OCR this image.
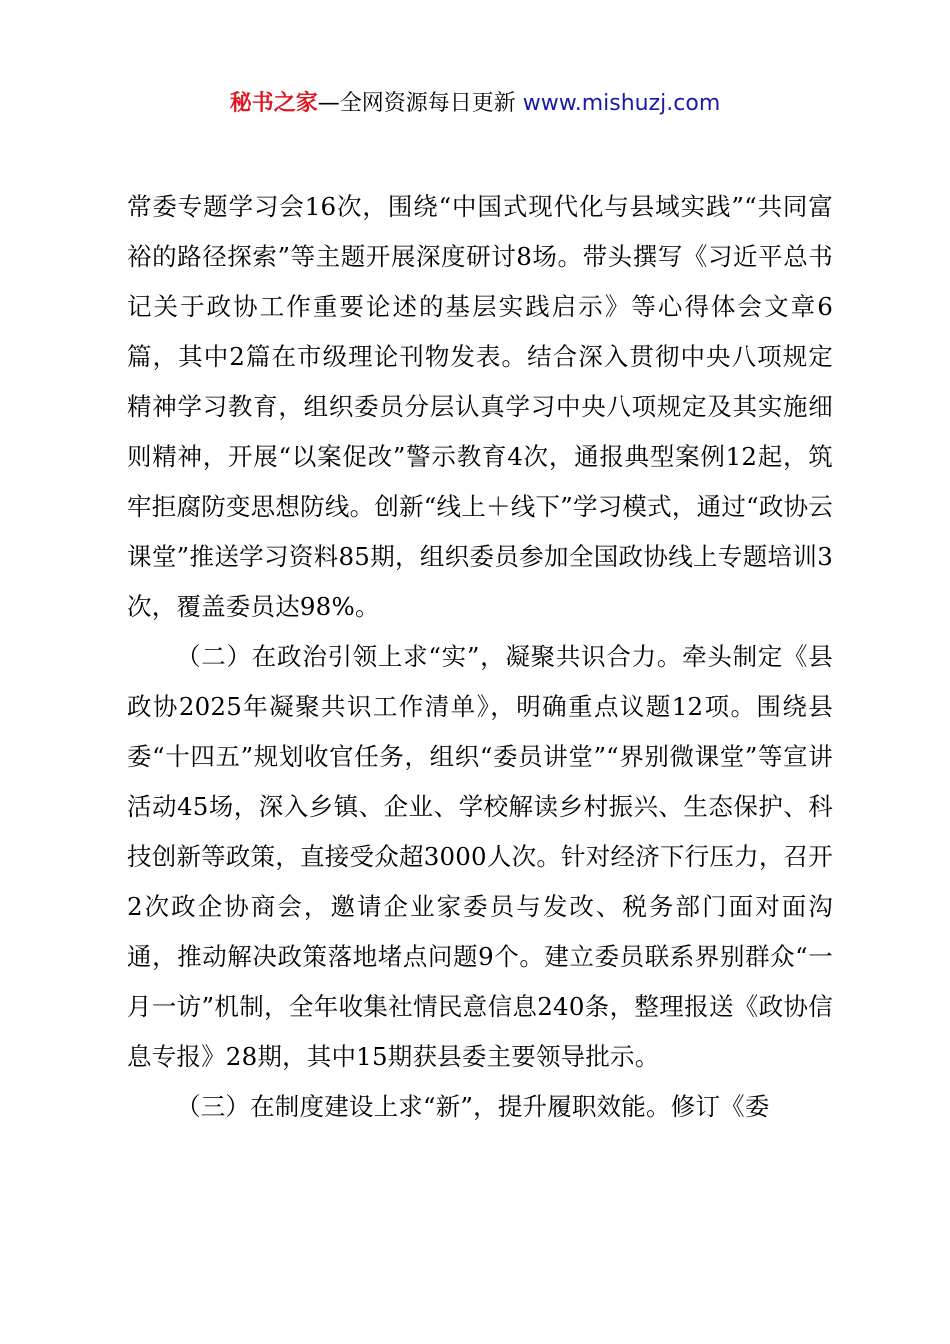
秘书之家—全网资源每日更新 www.mishuzj.com

常委专题学习会16次，围绕“中国式现代化与县域实践”“共同富裕的路径探索”等主题开展深度研讨8场。带头撰写《习近平总书记关于政协工作重要论述的基层实践启示》等心得体会文章6篇，其中2篇在市级理论刊物发表。结合深入贯彻中央八项规定精神学习教育，组织委员分层认真学习中央八项规定及其实施细则精神，开展“以案促改”警示教育4次，通报典型案例12起，筑牢拒腐防变思想防线。创新“线上＋线下”学习模式，通过“政协云课堂”推送学习资料85期，组织委员参加全国政协线上专题培训3次，覆盖委员达98%。

（二）在政治引领上求“实”，凝聚共识合力。牵头制定《县政协2025年凝聚共识工作清单》，明确重点议题12项。围绕县委“十四五”规划收官任务，组织“委员讲堂”“界别微课堂”等宣讲活动45场，深入乡镇、企业、学校解读乡村振兴、生态保护、科技创新等政策，直接受众超3000人次。针对经济下行压力，召开2次政企协商会，邀请企业家委员与发改、税务部门面对面沟通，推动解决政策落地堵点问题9个。建立委员联系界别群众“一月一访”机制，全年收集社情民意信息240条，整理报送《政协信息专报》28期，其中15期获县委主要领导批示。

（三）在制度建设上求“新”，提升履职效能。修订《委
